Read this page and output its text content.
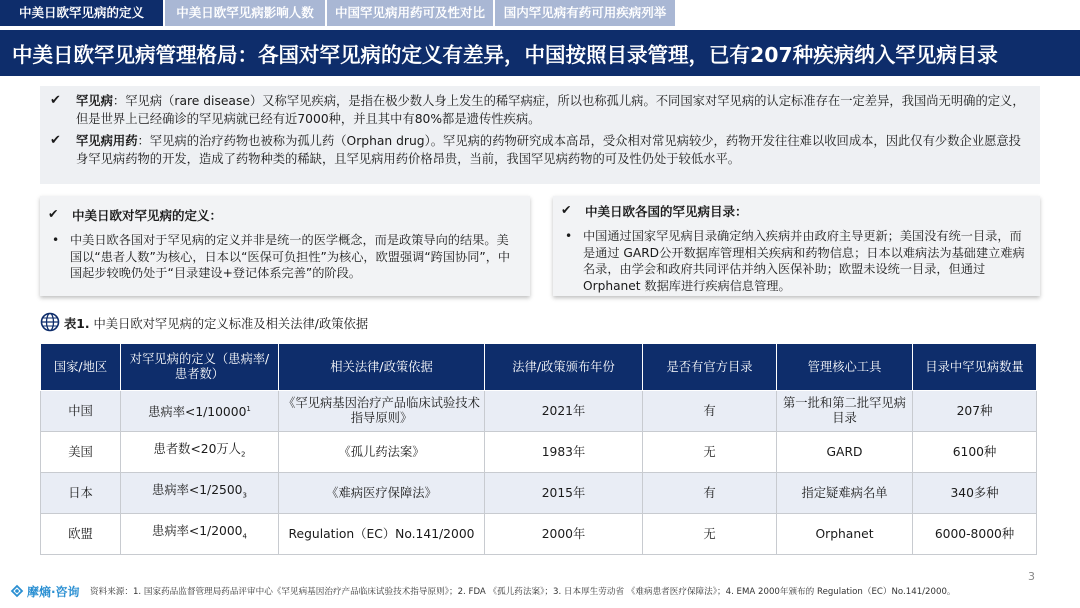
中美日欧罕见病的定义	中美日欧罕见病影响人数	中国罕见病用药可及性对比	国内罕见病有药可用疾病列举
中美日欧罕见病管理格局：各国对罕见病的定义有差异，中国按照目录管理，已有207种疾病纳入罕见病目录
✔	罕见病：罕见病（rare disease）又称罕见疾病，是指在极少数人身上发生的稀罕病症，所以也称孤儿病。不同国家对罕见病的认定标准存在一定差异，我国尚无明确的定义，但是世界上已经确诊的罕见病就已经有近7000种，并且其中有80%都是遗传性疾病。
✔	罕见病用药：罕见病的治疗药物也被称为孤儿药（Orphan drug）。罕见病的药物研究成本高昂，受众相对常见病较少，药物开发往往难以收回成本，因此仅有少数企业愿意投身罕见病药物的开发，造成了药物种类的稀缺，且罕见病用药价格昂贵，当前，我国罕见病药物的可及性仍处于较低水平。
✔ 中美日欧对罕见病的定义：
• 中美日欧各国对于罕见病的定义并非是统一的医学概念，而是政策导向的结果。美国以“患者人数”为核心，日本以“医保可负担性”为核心，欧盟强调“跨国协同”，中国起步较晚仍处于“目录建设+登记体系完善”的阶段。
✔ 中美日欧各国的罕见病目录：
• 中国通过国家罕见病目录确定纳入疾病并由政府主导更新；美国没有统一目录，而是通过 GARD公开数据库管理相关疾病和药物信息；日本以难病法为基础建立难病名录，由学会和政府共同评估并纳入医保补助；欧盟未设统一目录，但通过 Orphanet 数据库进行疾病信息管理。
表1. 中美日欧对罕见病的定义标准及相关法律/政策依据
国家/地区	对罕见病的定义（患病率/患者数）	相关法律/政策依据	法律/政策颁布年份	是否有官方目录	管理核心工具	目录中罕见病数量
中国	患病率$<1/10000^1$	《罕见病基因治疗产品临床试验技术指导原则》	2021年	有	第一批和第二批罕见病目录	207种
美国	患者数<20万人$_2$	《孤儿药法案》	1983年	无	GARD	6100种
日本	患病率$<1/2500_3$	《难病医疗保障法》	2015年	有	指定疑难病名单	340多种
欧盟	患病率$<1/2000_4$	Regulation（EC）No.141/2000	2000年	无	Orphanet	6000-8000种
摩熵·咨询 资料来源：1. 国家药品监督管理局药品评审中心《罕见病基因治疗产品临床试验技术指导原则》；2. FDA 《孤儿药法案》；3. 日本厚生劳动省 《难病患者医疗保障法》；4. EMA 2000年颁布的 Regulation（EC）No.141/2000。
3
